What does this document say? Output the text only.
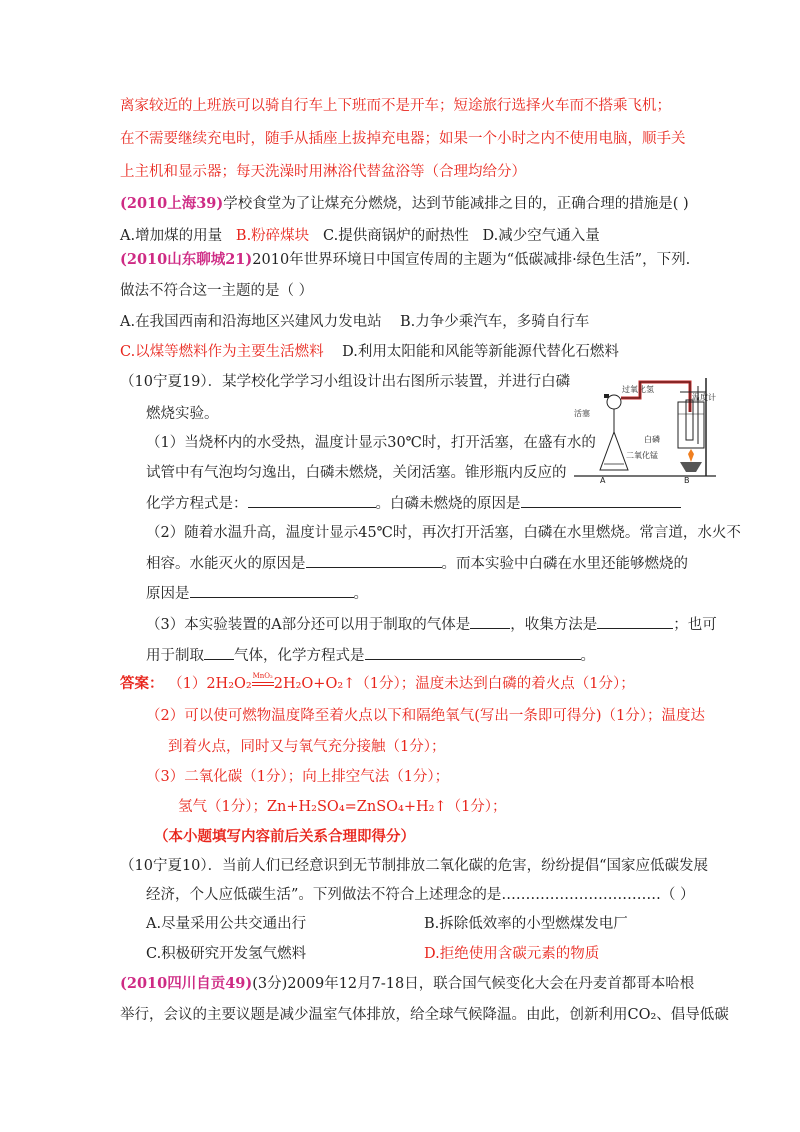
离家较近的上班族可以骑自行车上下班而不是开车；短途旅行选择火车而不搭乘飞机；
在不需要继续充电时，随手从插座上拔掉充电器；如果一个小时之内不使用电脑，顺手关
上主机和显示器；每天洗澡时用淋浴代替盆浴等（合理均给分）
(2010上海39)学校食堂为了让煤充分燃烧，达到节能减排之目的，正确合理的措施是( )
A.增加煤的用量 B.粉碎煤块 C.提供商锅炉的耐热性 D.减少空气通入量
(2010山东聊城21)2010年世界环境日中国宣传周的主题为“低碳减排·绿色生活”，下列.
做法不符合这一主题的是（ ）
A.在我国西南和沿海地区兴建风力发电站 B.力争少乘汽车，多骑自行车
C.以煤等燃料作为主要生活燃料 D.利用太阳能和风能等新能源代替化石燃料
（10宁夏19）．某学校化学学习小组设计出右图所示装置，并进行白磷
燃烧实验。
（1）当烧杯内的水受热，温度计显示30℃时，打开活塞，在盛有水的
试管中有气泡均匀逸出，白磷未燃烧，关闭活塞。锥形瓶内反应的
化学方程式是：	。白磷未燃烧的原因是
（2）随着水温升高，温度计显示45℃时，再次打开活塞，白磷在水里燃烧。常言道，水火不
相容。水能灭火的原因是	。而本实验中白磷在水里还能够燃烧的
原因是	。
（3）本实验装置的A部分还可以用于制取的气体是	，收集方法是	；也可
用于制取 气体，化学方程式是	。
过氧化氢
活塞
二氧化锰
温度计
白磷
A	B
答案： （1）2H₂O₂ MnO₂ 2H₂O+O₂↑（1分）；温度未达到白磷的着火点（1分）；
（2）可以使可燃物温度降至着火点以下和隔绝氧气(写出一条即可得分)（1分）；温度达
到着火点，同时又与氧气充分接触（1分）；
（3）二氧化碳（1分）；向上排空气法（1分）；
氢气（1分）；Zn+H₂SO₄=ZnSO₄+H₂↑（1分）；
（本小题填写内容前后关系合理即得分）
（10宁夏10）．当前人们已经意识到无节制排放二氧化碳的危害，纷纷提倡“国家应低碳发展
经济，个人应低碳生活”。下列做法不符合上述理念的是……………………………（ ）
A.尽量采用公共交通出行	B.拆除低效率的小型燃煤发电厂
C.积极研究开发氢气燃料	D.拒绝使用含碳元素的物质
(2010四川自贡49)(3分)2009年12月7-18日，联合国气候变化大会在丹麦首都哥本哈根
举行，会议的主要议题是减少温室气体排放，给全球气候降温。由此，创新利用CO₂、倡导低碳
